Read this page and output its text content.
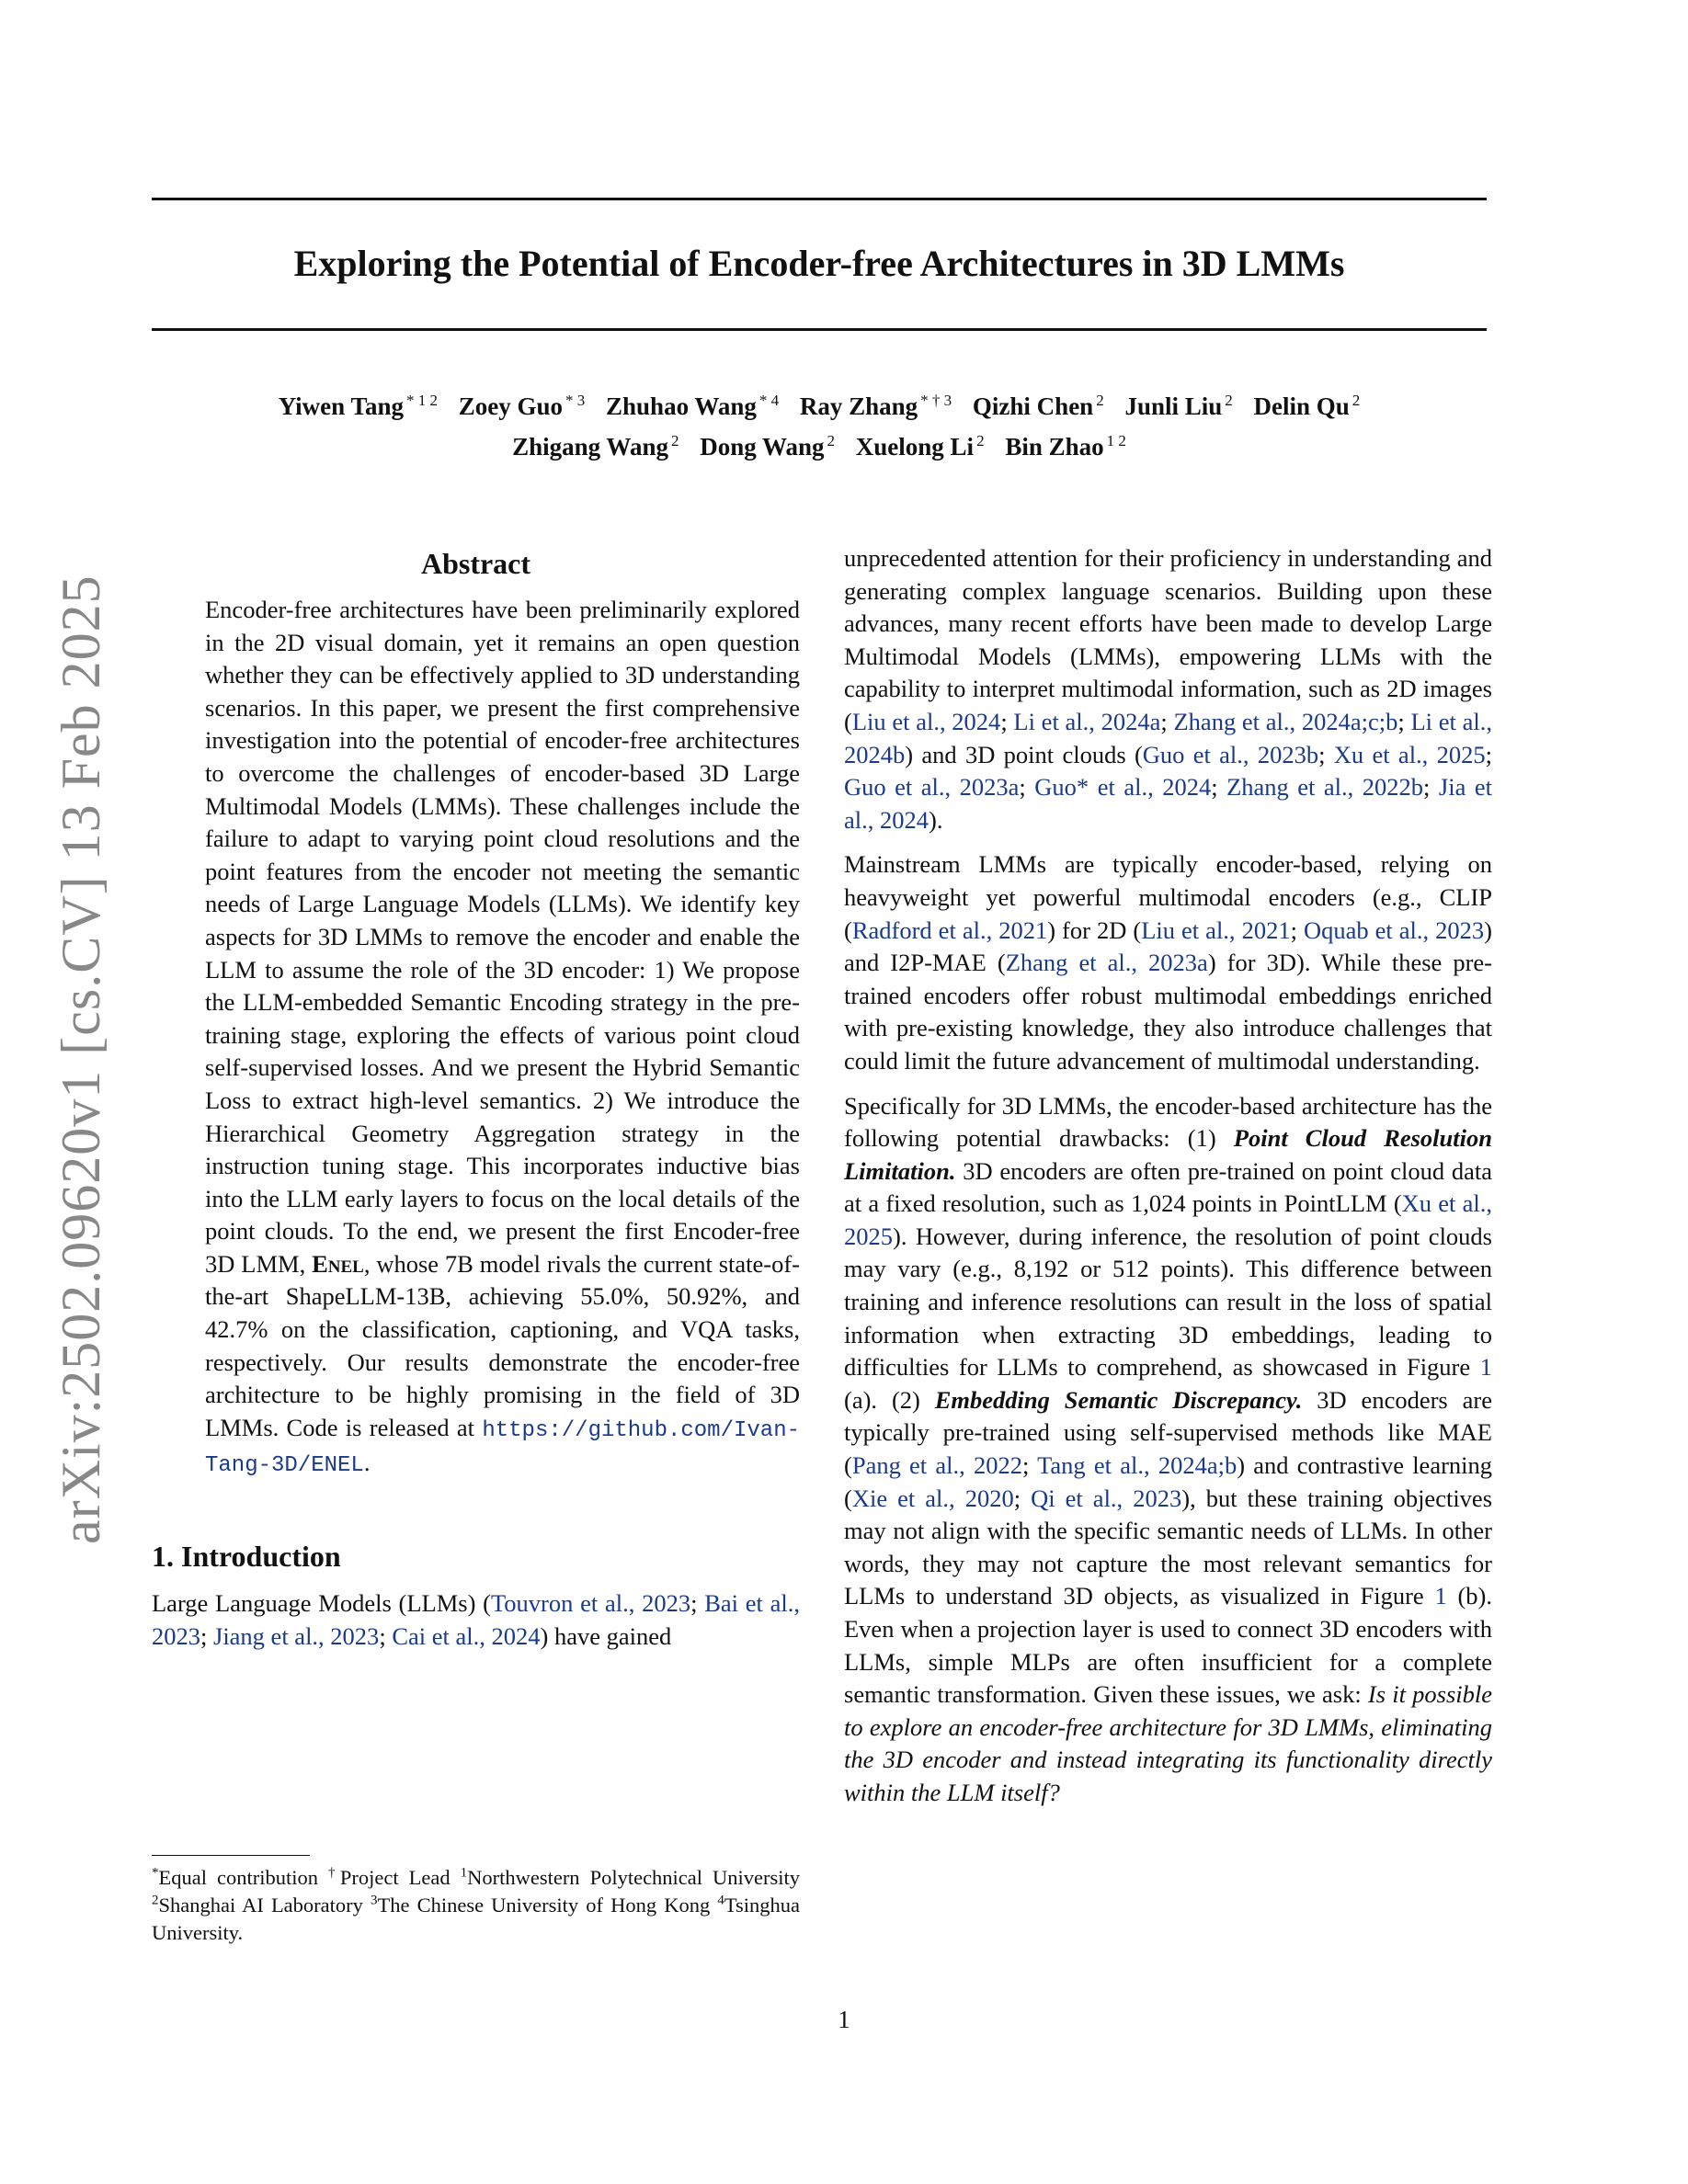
arXiv:2502.09620v1 [cs.CV] 13 Feb 2025
Exploring the Potential of Encoder-free Architectures in 3D LMMs
Yiwen Tang $^{* 1 2}$ Zoey Guo $^{* 3}$ Zhuhao Wang $^{* 4}$ Ray Zhang $^{* \dagger 3}$ Qizhi Chen $^2$ Junli Liu $^2$ Delin Qu $^2$
Zhigang Wang $^2$ Dong Wang $^2$ Xuelong Li $^2$ Bin Zhao $^{1 2}$
Abstract

Encoder-free architectures have been preliminarily explored in the 2D visual domain, yet it remains an open question whether they can be effectively applied to 3D understanding scenarios. In this paper, we present the first comprehensive investigation into the potential of encoder-free architectures to overcome the challenges of encoder-based 3D Large Multimodal Models (LMMs). These challenges include the failure to adapt to varying point cloud resolutions and the point features from the encoder not meeting the semantic needs of Large Language Models (LLMs). We identify key aspects for 3D LMMs to remove the encoder and enable the LLM to assume the role of the 3D encoder: 1) We propose the LLM-embedded Semantic Encoding strategy in the pre-training stage, exploring the effects of various point cloud self-supervised losses. And we present the Hybrid Semantic Loss to extract high-level semantics. 2) We introduce the Hierarchical Geometry Aggregation strategy in the instruction tuning stage. This incorporates inductive bias into the LLM early layers to focus on the local details of the point clouds. To the end, we present the first Encoder-free 3D LMM, Enel, whose 7B model rivals the current state-of-the-art ShapeLLM-13B, achieving 55.0%, 50.92%, and 42.7% on the classification, captioning, and VQA tasks, respectively. Our results demonstrate the encoder-free architecture to be highly promising in the field of 3D LMMs. Code is released at https://github.com/Ivan-Tang-3D/ENEL.

1. Introduction

Large Language Models (LLMs) (Touvron et al., 2023; Bai et al., 2023; Jiang et al., 2023; Cai et al., 2024) have gained

unprecedented attention for their proficiency in understanding and generating complex language scenarios. Building upon these advances, many recent efforts have been made to develop Large Multimodal Models (LMMs), empowering LLMs with the capability to interpret multimodal information, such as 2D images (Liu et al., 2024; Li et al., 2024a; Zhang et al., 2024a;c;b; Li et al., 2024b) and 3D point clouds (Guo et al., 2023b; Xu et al., 2025; Guo et al., 2023a; Guo* et al., 2024; Zhang et al., 2022b; Jia et al., 2024).

Mainstream LMMs are typically encoder-based, relying on heavyweight yet powerful multimodal encoders (e.g., CLIP (Radford et al., 2021) for 2D (Liu et al., 2021; Oquab et al., 2023) and I2P-MAE (Zhang et al., 2023a) for 3D). While these pre-trained encoders offer robust multimodal embeddings enriched with pre-existing knowledge, they also introduce challenges that could limit the future advancement of multimodal understanding.

Specifically for 3D LMMs, the encoder-based architecture has the following potential drawbacks: (1) Point Cloud Resolution Limitation. 3D encoders are often pre-trained on point cloud data at a fixed resolution, such as 1,024 points in PointLLM (Xu et al., 2025). However, during inference, the resolution of point clouds may vary (e.g., 8,192 or 512 points). This difference between training and inference resolutions can result in the loss of spatial information when extracting 3D embeddings, leading to difficulties for LLMs to comprehend, as showcased in Figure 1 (a). (2) Embedding Semantic Discrepancy. 3D encoders are typically pre-trained using self-supervised methods like MAE (Pang et al., 2022; Tang et al., 2024a;b) and contrastive learning (Xie et al., 2020; Qi et al., 2023), but these training objectives may not align with the specific semantic needs of LLMs. In other words, they may not capture the most relevant semantics for LLMs to understand 3D objects, as visualized in Figure 1 (b). Even when a projection layer is used to connect 3D encoders with LLMs, simple MLPs are often insufficient for a complete semantic transformation. Given these issues, we ask: Is it possible to explore an encoder-free architecture for 3D LMMs, eliminating the 3D encoder and instead integrating its functionality directly within the LLM itself?

*Equal contribution †Project Lead $^1$Northwestern Polytechnical University $^2$Shanghai AI Laboratory $^3$The Chinese University of Hong Kong $^4$Tsinghua University.
1
